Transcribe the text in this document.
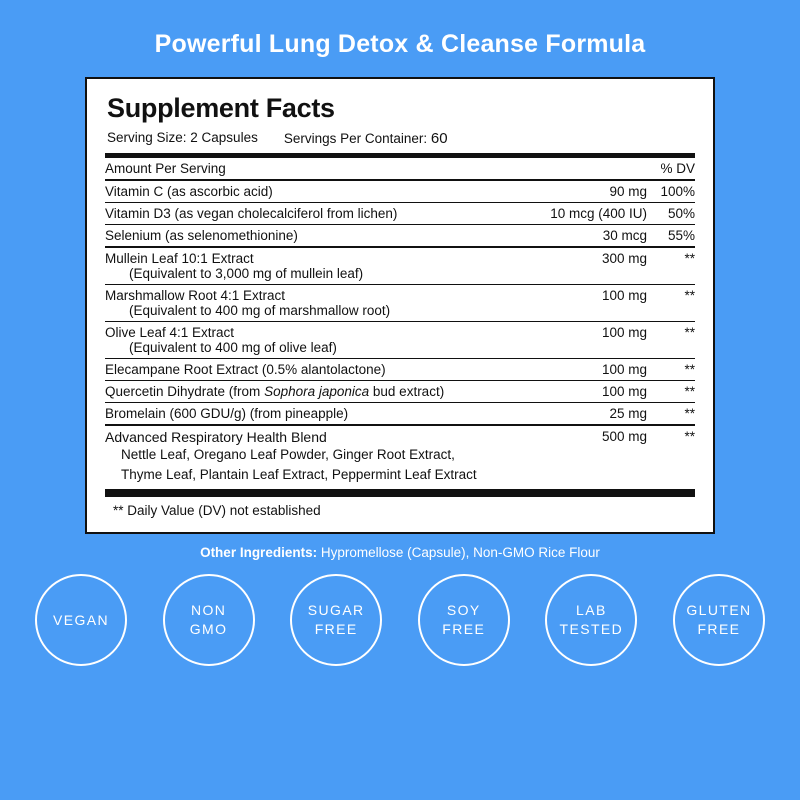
Powerful Lung Detox & Cleanse Formula
Supplement Facts
Serving Size: 2 Capsules Servings Per Container: 60
Amount Per Serving		% DV
Vitamin C (as ascorbic acid)	90 mg	100%
Vitamin D3 (as vegan cholecalciferol from lichen)	10 mcg (400 IU)	50%
Selenium (as selenomethionine)	30 mcg	55%
Mullein Leaf 10:1 Extract
(Equivalent to 3,000 mg of mullein leaf)	300 mg	**
Marshmallow Root 4:1 Extract
(Equivalent to 400 mg of marshmallow root)	100 mg	**
Olive Leaf 4:1 Extract
(Equivalent to 400 mg of olive leaf)	100 mg	**
Elecampane Root Extract (0.5% alantolactone)	100 mg	**
Quercetin Dihydrate (from Sophora japonica bud extract)	100 mg	**
Bromelain (600 GDU/g) (from pineapple)	25 mg	**
Advanced Respiratory Health Blend
Nettle Leaf, Oregano Leaf Powder, Ginger Root Extract,
Thyme Leaf, Plantain Leaf Extract, Peppermint Leaf Extract	500 mg	**
** Daily Value (DV) not established
Other Ingredients: Hypromellose (Capsule), Non-GMO Rice Flour
VEGAN
NON
GMO
SUGAR
FREE
SOY
FREE
LAB
TESTED
GLUTEN
FREE
